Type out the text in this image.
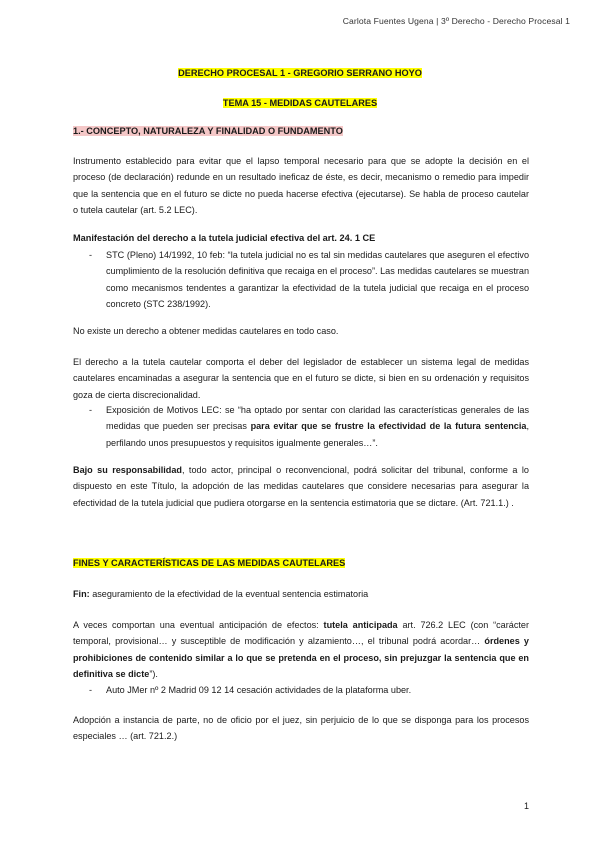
Carlota Fuentes Ugena | 3º Derecho - Derecho Procesal 1
DERECHO PROCESAL 1 - GREGORIO SERRANO HOYO
TEMA 15 - MEDIDAS CAUTELARES
1.- CONCEPTO, NATURALEZA Y FINALIDAD O FUNDAMENTO
Instrumento establecido para evitar que el lapso temporal necesario para que se adopte la decisión en el proceso (de declaración) redunde en un resultado ineficaz de éste, es decir, mecanismo o remedio para impedir que la sentencia que en el futuro se dicte no pueda hacerse efectiva (ejecutarse). Se habla de proceso cautelar o tutela cautelar (art. 5.2 LEC).
Manifestación del derecho a la tutela judicial efectiva del art. 24. 1 CE
- STC (Pleno) 14/1992, 10 feb: “la tutela judicial no es tal sin medidas cautelares que aseguren el efectivo cumplimiento de la resolución definitiva que recaiga en el proceso”. Las medidas cautelares se muestran como mecanismos tendentes a garantizar la efectividad de la tutela judicial que recaiga en el proceso concreto (STC 238/1992).
No existe un derecho a obtener medidas cautelares en todo caso.
El derecho a la tutela cautelar comporta el deber del legislador de establecer un sistema legal de medidas cautelares encaminadas a asegurar la sentencia que en el futuro se dicte, si bien en su ordenación y requisitos goza de cierta discrecionalidad.
- Exposición de Motivos LEC: se “ha optado por sentar con claridad las características generales de las medidas que pueden ser precisas para evitar que se frustre la efectividad de la futura sentencia, perfilando unos presupuestos y requisitos igualmente generales…”.
Bajo su responsabilidad, todo actor, principal o reconvencional, podrá solicitar del tribunal, conforme a lo dispuesto en este Título, la adopción de las medidas cautelares que considere necesarias para asegurar la efectividad de la tutela judicial que pudiera otorgarse en la sentencia estimatoria que se dictare. (Art. 721.1.) .
FINES Y CARACTERÍSTICAS DE LAS MEDIDAS CAUTELARES
Fin: aseguramiento de la efectividad de la eventual sentencia estimatoria
A veces comportan una eventual anticipación de efectos: tutela anticipada art. 726.2 LEC (con “carácter temporal, provisional… y susceptible de modificación y alzamiento…, el tribunal podrá acordar… órdenes y prohibiciones de contenido similar a lo que se pretenda en el proceso, sin prejuzgar la sentencia que en definitiva se dicte”).
- Auto JMer nº 2 Madrid 09 12 14 cesación actividades de la plataforma uber.
Adopción a instancia de parte, no de oficio por el juez, sin perjuicio de lo que se disponga para los procesos especiales … (art. 721.2.)
1
